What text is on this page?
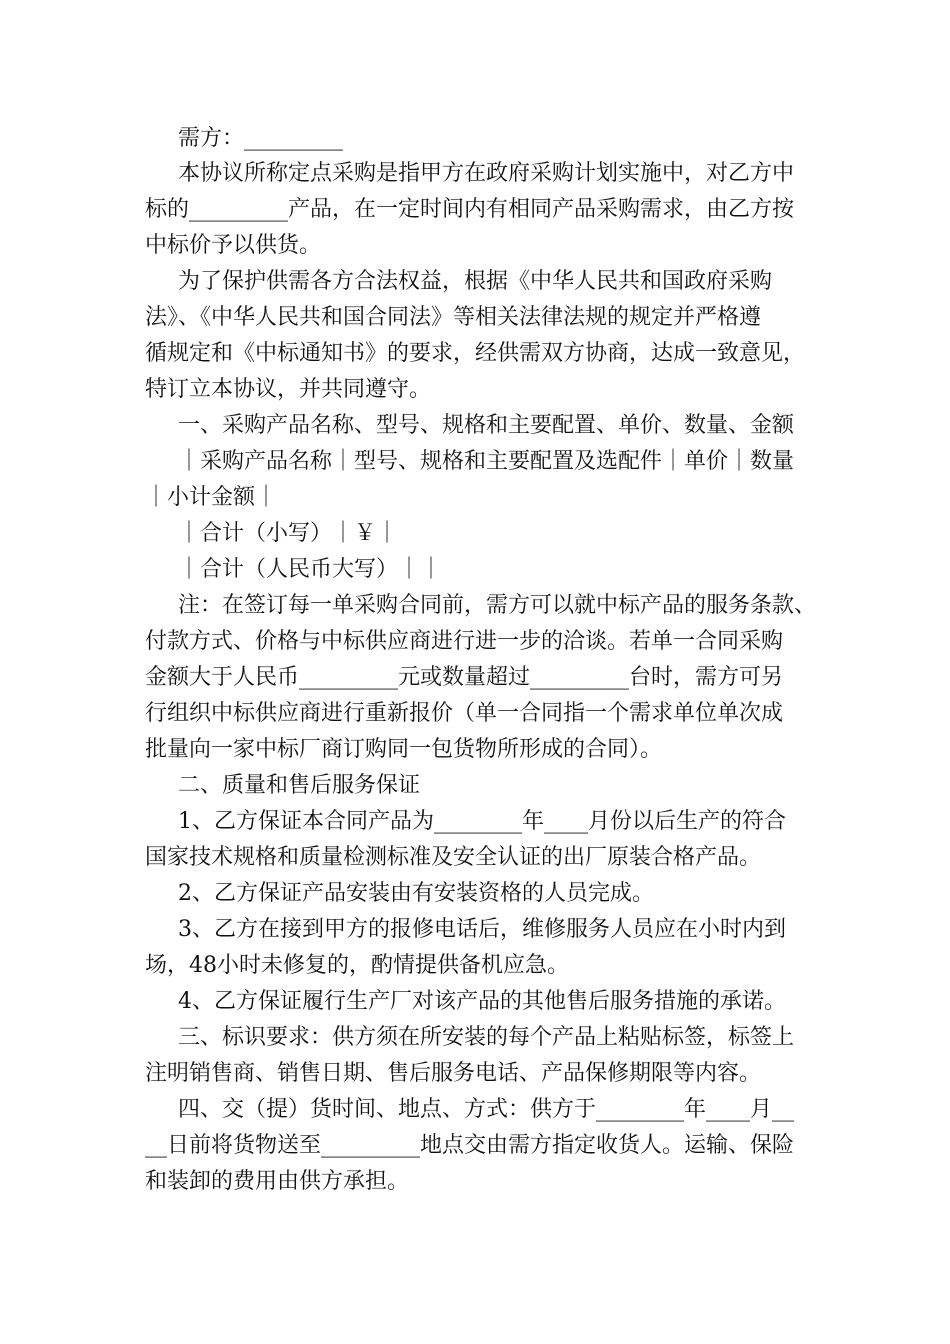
需方：_________
本协议所称定点采购是指甲方在政府采购计划实施中，对乙方中
标的_________产品，在一定时间内有相同产品采购需求，由乙方按
中标价予以供货。
为了保护供需各方合法权益，根据《中华人民共和国政府采购
法》、《中华人民共和国合同法》等相关法律法规的规定并严格遵
循规定和《中标通知书》的要求，经供需双方协商，达成一致意见，
特订立本协议，并共同遵守。
一、采购产品名称、型号、规格和主要配置、单价、数量、金额
｜采购产品名称｜型号、规格和主要配置及选配件｜单价｜数量
｜小计金额｜
｜合计（小写）｜￥｜
｜合计（人民币大写）｜｜
注：在签订每一单采购合同前，需方可以就中标产品的服务条款、
付款方式、价格与中标供应商进行进一步的洽谈。若单一合同采购
金额大于人民币_________元或数量超过_________台时，需方可另
行组织中标供应商进行重新报价（单一合同指一个需求单位单次成
批量向一家中标厂商订购同一包货物所形成的合同）。
二、质量和售后服务保证
1、乙方保证本合同产品为________年____月份以后生产的符合
国家技术规格和质量检测标准及安全认证的出厂原装合格产品。
2、乙方保证产品安装由有安装资格的人员完成。
3、乙方在接到甲方的报修电话后，维修服务人员应在小时内到
场，48小时未修复的，酌情提供备机应急。
4、乙方保证履行生产厂对该产品的其他售后服务措施的承诺。
三、标识要求：供方须在所安装的每个产品上粘贴标签，标签上
注明销售商、销售日期、售后服务电话、产品保修期限等内容。
四、交（提）货时间、地点、方式：供方于________年____月__
__日前将货物送至_________地点交由需方指定收货人。运输、保险
和装卸的费用由供方承担。
